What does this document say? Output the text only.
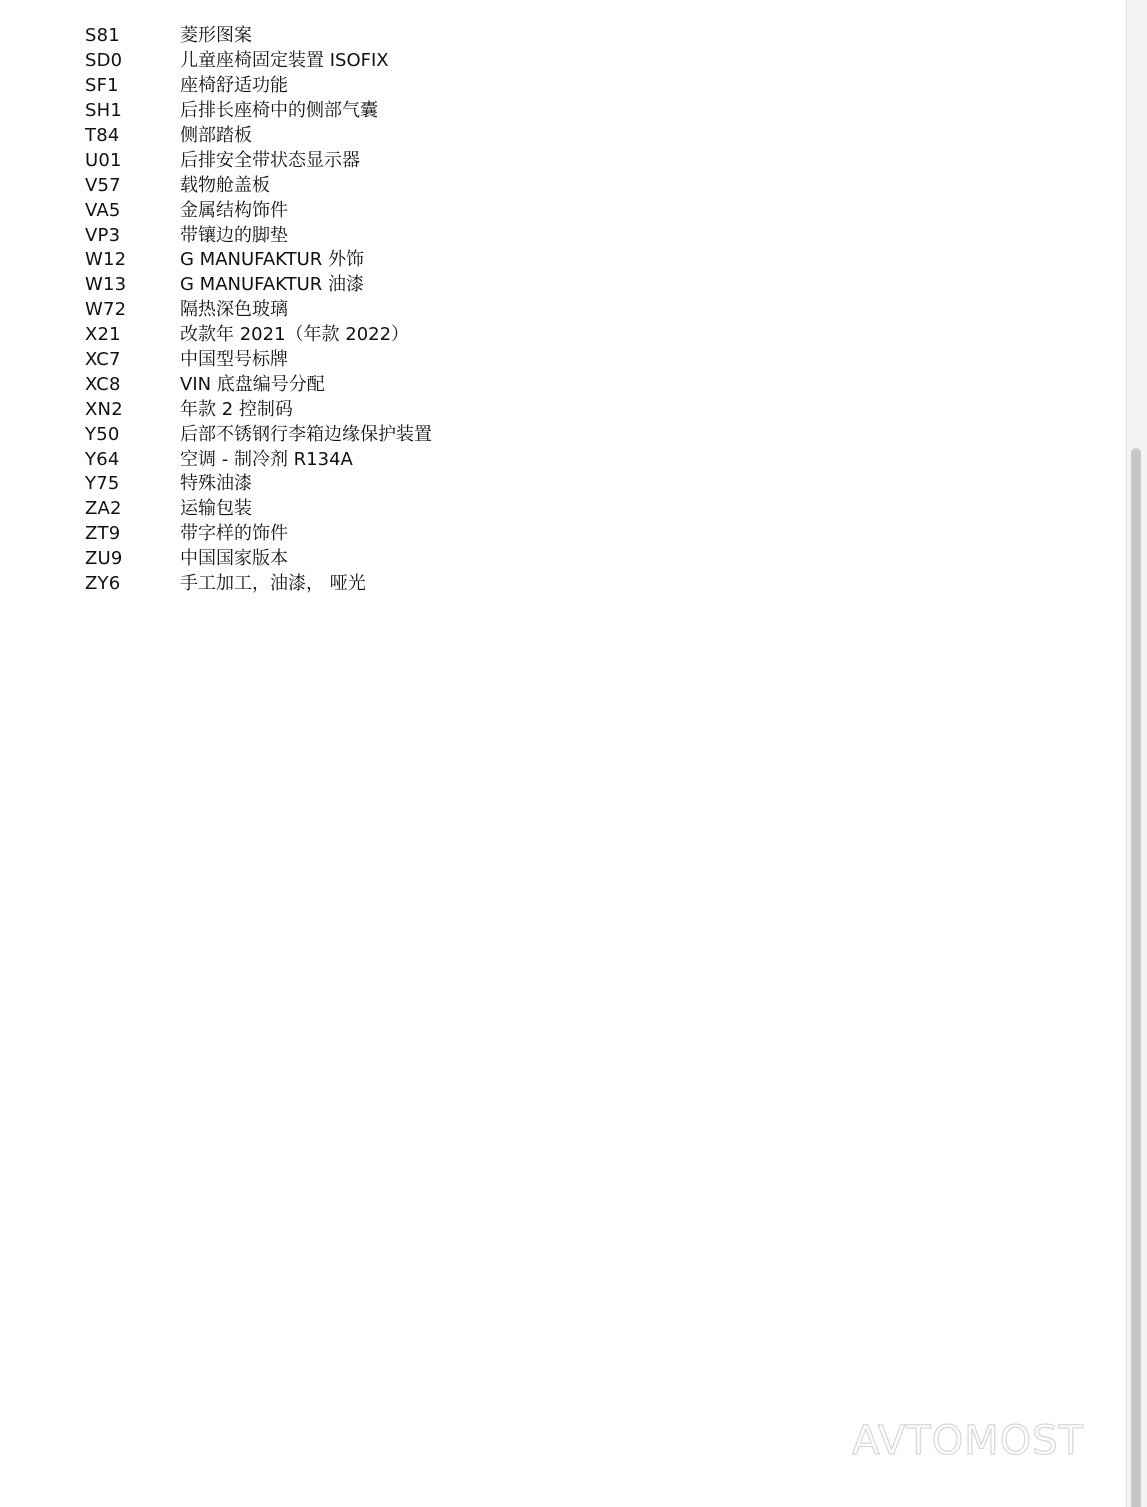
S81	菱形图案
SD0	儿童座椅固定装置 ISOFIX
SF1	座椅舒适功能
SH1	后排长座椅中的侧部气囊
T84	侧部踏板
U01	后排安全带状态显示器
V57	载物舱盖板
VA5	金属结构饰件
VP3	带镶边的脚垫
W12	G MANUFAKTUR 外饰
W13	G MANUFAKTUR 油漆
W72	隔热深色玻璃
X21	改款年 2021（年款 2022）
XC7	中国型号标牌
XC8	VIN 底盘编号分配
XN2	年款 2 控制码
Y50	后部不锈钢行李箱边缘保护装置
Y64	空调 - 制冷剂 R134A
Y75	特殊油漆
ZA2	运输包装
ZT9	带字样的饰件
ZU9	中国国家版本
ZY6	手工加工，油漆， 哑光
AVTOMOST
